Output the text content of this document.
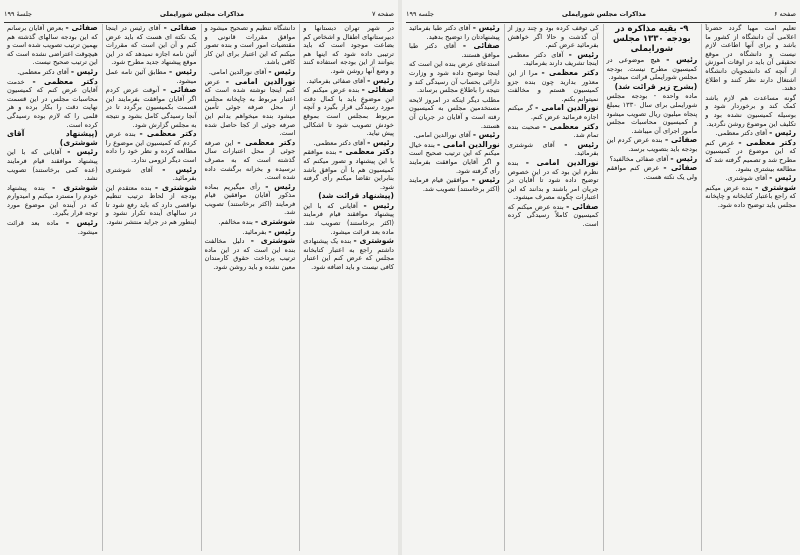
صفحه ۷
مذاکرات مجلس شورایملی
جلسهٔ ۱۹۹

در شهر تهران دبستانها و دبیرستانهای اطفال و اشخاص کم بضاعت موجود است که باید ترتیبی داده شود که اینها هم بتوانند از این بودجه استفاده کنند و وضع آنها روشن شود.

رئیس - آقای صفائی بفرمائید.

صفائی - بنده عرض میکنم که این موضوع باید با کمال دقت مورد رسیدگی قرار بگیرد و آنچه مربوط بمجلس است بموقع خودش تصویب شود تا اشکالی پیش نیاید.

رئیس - آقای دکتر معظمی.

دکتر معظمی - بنده موافقم با این پیشنهاد و تصور میکنم که کمیسیون هم با آن موافق باشد بنابراین تقاضا میکنم رأی گرفته شود.

(پیشنهاد قرائت شد)

رئیس - آقایانی که با این پیشنهاد موافقند قیام فرمایند (اکثر برخاستند) تصویب شد. ماده بعد قرائت میشود.

شوشتری - بنده یک پیشنهادی داشتم راجع به اعتبار کتابخانه مجلس که عرض کنم این اعتبار کافی نیست و باید اضافه شود.

دانشگاه تنظیم و تصحیح میشود و موافق مقررات قانونی و مقتضیات امور است و بنده تصور میکنم که این اعتبار برای این کار کافی باشد.

رئیس - آقای نورالدین امامی.

نورالدین امامی - عرض کنم اینجا نوشته شده است که اعتبار مربوط به چاپخانه مجلس از محل صرفه جوئی تأمین میشود بنده میخواهم بدانم این صرفه جوئی از کجا حاصل شده است.

دکتر معظمی - این صرفه جوئی از محل اعتبارات سال گذشته است که به مصرف نرسیده و بخزانه برگشت داده شده است.

رئیس - رأی میگیریم بماده مذکور آقایان موافقین قیام فرمایند (اکثر برخاستند) تصویب شد.

شوشتری - بنده مخالفم.

رئیس - بفرمائید.

شوشتری - دلیل مخالفت بنده این است که در این ماده ترتیب پرداخت حقوق کارمندان معین نشده و باید روشن شود.

صفائی - آقای رئیس در اینجا یک نکته ای هست که باید عرض کنم و آن این است که مقررات آئین نامه اجازه نمیدهد که در این موقع پیشنهاد جدید مطرح شود.

رئیس - مطابق آئین نامه عمل میشود.

صفائی - آنوقت عرض کردم اگر آقایان موافقت بفرمایند این قسمت بکمیسیون برگردد تا در آنجا رسیدگی کامل بشود و نتیجه به مجلس گزارش شود.

دکتر معظمی - بنده عرض کردم که کمیسیون این موضوع را مطالعه کرده و نظر خود را داده است دیگر لزومی ندارد.

رئیس - آقای شوشتری بفرمائید.

شوشتری - بنده معتقدم این بودجه از لحاظ ترتیب تنظیم نواقصی دارد که باید رفع شود تا در سالهای آینده تکرار نشود و اینطور هم در جراید منتشر نشود.

صفائی - بعرض آقایان برسانم که این بودجه سالهای گذشته هم بهمین ترتیب تصویب شده است و هیچوقت اعتراضی نشده است که این ترتیب صحیح نیست.

رئیس - آقای دکتر معظمی.

دکتر معظمی - خدمت آقایان عرض کنم که کمیسیون محاسبات مجلس در این قسمت نهایت دقت را بکار برده و هر قلمی را که لازم بوده رسیدگی کرده است.

(پیشنهاد آقای شوشتری)

رئیس - آقایانی که با این پیشنهاد موافقند قیام فرمایند (عده کمی برخاستند) تصویب نشد.

شوشتری - بنده پیشنهاد خودم را مسترد میکنم و امیدوارم که در آینده این موضوع مورد توجه قرار بگیرد.

رئیس - ماده بعد قرائت میشود.

صفحه ۶
مذاکرات مجلس شورایملی
جلسه ۱۹۹

تعلیم امت مهیا گردد حضرتاً اعلامی آن دانشگاه از کشور ما باشد و برای آنها اطاعت لازم نیست و دانشگاه در موقع تحقیقی آن باید در اوقات آموزش از آنچه که دانشجویان دانشگاه اشتغال دارند نظر کنند و اطلاع دهند.

گونه مساعدت هم لازم باشد کمک کند و برخوردار شود و بوسیله کمیسیون نشده بود و تکلیف این موضوع روشن نگردید.

رئیس - آقای دکتر معظمی.

دکتر معظمی - عرض کنم که این موضوع در کمیسیون مطرح شد و تصمیم گرفته شد که مطالعه بیشتری بشود.

رئیس - آقای شوشتری.

شوشتری - بنده عرض میکنم که راجع باعتبار کتابخانه و چاپخانه مجلس باید توضیح داده شود.

۹- بقیه مذاکره در بودجه ۱۳۳۰ مجلس شورایملی

رئیس - هیچ موضوعی در کمیسیون مطرح نیست. بودجه مجلس شورایملی قرائت میشود.

(بشرح زیر قرائت شد)

ماده واحده - بودجه مجلس شورایملی برای سال ۱۳۳۰ بمبلغ پنجاه میلیون ریال تصویب میشود و کمیسیون محاسبات مجلس مأمور اجرای آن میباشد.

صفائی - بنده عرض کردم این بودجه باید بتصویب برسد.

رئیس - آقای صفائی مخالفید؟

صفائی - عرض کنم موافقم ولی یک نکته هست.

کی توقف کرده بود و چند روز از آن گذشت و حالا اگر خواهش بفرمائید عرض کنم.

رئیس - آقای دکتر معظمی اینجا تشریف دارند بفرمائید.

دکتر معظمی - مرا از این معذور بدارید چون بنده جزو کمیسیون هستم و مخالفت نمیتوانم بکنم.

نورالدین امامی - گر میکنم اجازه فرمائید عرض کنم.

دکتر معظمی - صحبت بنده تمام شد.

رئیس - آقای شوشتری بفرمائید.

نورالدین امامی - بنده نظرم این بود که در این خصوص توضیح داده شود تا آقایان در جریان امر باشند و بدانند که این اعتبارات چگونه مصرف میشود.

صفائی - بنده عرض میکنم که کمیسیون کاملاً رسیدگی کرده است.

رئیس - آقای دکتر طبا بفرمائید پیشنهادتان را توضیح بدهید.

صفائی - آقای دکتر طبا موافق هستند.

استدعای عرض بنده این است که اینجا توضیح داده شود و وزارت دارائی بحساب آن رسیدگی کند و نتیجه را باطلاع مجلس برساند.

مطلب دیگر اینکه در امروز لایحه مستخدمین مجلس به کمیسیون رفته است و آقایان در جریان آن هستند.

رئیس - آقای نورالدین امامی.

نورالدین امامی - بنده خیال میکنم که این ترتیب صحیح است و اگر آقایان موافقت بفرمایند رأی گرفته شود.

رئیس - موافقین قیام فرمایند (اکثر برخاستند) تصویب شد.
